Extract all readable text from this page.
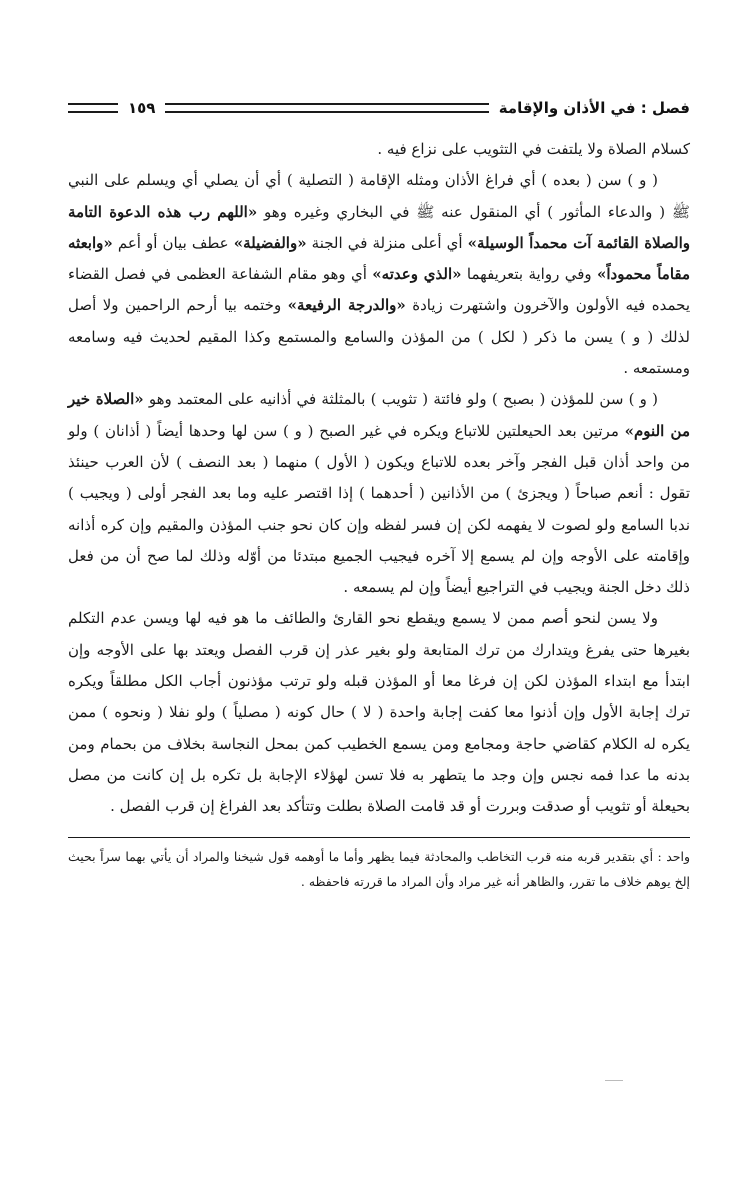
فصل : في الأذان والإقامة
١٥٩

كسلام الصلاة ولا يلتفت في التثويب على نزاع فيه .

( و ) سن ( بعده ) أي فراغ الأذان ومثله الإقامة ( التصلية ) أي أن يصلي أي ويسلم على النبي ﷺ ( والدعاء المأثور ) أي المنقول عنه ﷺ في البخاري وغيره وهو «اللهم رب هذه الدعوة التامة والصلاة القائمة آت محمداً الوسيلة» أي أعلى منزلة في الجنة «والفضيلة» عطف بيان أو أعم «وابعثه مقاماً محموداً» وفي رواية بتعريفهما «الذي وعدته» أي وهو مقام الشفاعة العظمى في فصل القضاء يحمده فيه الأولون والآخرون واشتهرت زيادة «والدرجة الرفيعة» وختمه بيا أرحم الراحمين ولا أصل لذلك ( و ) يسن ما ذكر ( لكل ) من المؤذن والسامع والمستمع وكذا المقيم لحديث فيه وسامعه ومستمعه .

( و ) سن للمؤذن ( بصبح ) ولو فائتة ( تثويب ) بالمثلثة في أذانيه على المعتمد وهو «الصلاة خير من النوم» مرتين بعد الحيعلتين للاتباع ويكره في غير الصبح ( و ) سن لها وحدها أيضاً ( أذانان ) ولو من واحد أذان قبل الفجر وآخر بعده للاتباع ويكون ( الأول ) منهما ( بعد النصف ) لأن العرب حينئذ تقول : أنعم صباحاً ( ويجزئ ) من الأذانين ( أحدهما ) إذا اقتصر عليه وما بعد الفجر أولى ( ويجيب ) ندبا السامع ولو لصوت لا يفهمه لكن إن فسر لفظه وإن كان نحو جنب المؤذن والمقيم وإن كره أذانه وإقامته على الأوجه وإن لم يسمع إلا آخره فيجيب الجميع مبتدئا من أوّله وذلك لما صح أن من فعل ذلك دخل الجنة ويجيب في التراجيع أيضاً وإن لم يسمعه .

ولا يسن لنحو أصم ممن لا يسمع ويقطع نحو القارئ والطائف ما هو فيه لها ويسن عدم التكلم بغيرها حتى يفرغ ويتدارك من ترك المتابعة ولو بغير عذر إن قرب الفصل ويعتد بها على الأوجه وإن ابتدأ مع ابتداء المؤذن لكن إن فرغا معا أو المؤذن قبله ولو ترتب مؤذنون أجاب الكل مطلقاً ويكره ترك إجابة الأول وإن أذنوا معا كفت إجابة واحدة ( لا ) حال كونه ( مصلياً ) ولو نفلا ( ونحوه ) ممن يكره له الكلام كقاضي حاجة ومجامع ومن يسمع الخطيب كمن بمحل النجاسة بخلاف من بحمام ومن بدنه ما عدا فمه نجس وإن وجد ما يتطهر به فلا تسن لهؤلاء الإجابة بل تكره بل إن كانت من مصل بحيعلة أو تثويب أو صدقت وبررت أو قد قامت الصلاة بطلت وتتأكد بعد الفراغ إن قرب الفصل .

واحد : أي بتقدير قربه منه قرب التخاطب والمحادثة فيما يظهر وأما ما أوهمه قول شيخنا والمراد أن يأتي بهما سراً بحيث إلخ يوهم خلاف ما تقرر، والظاهر أنه غير مراد وأن المراد ما قررته فاحفظه .
